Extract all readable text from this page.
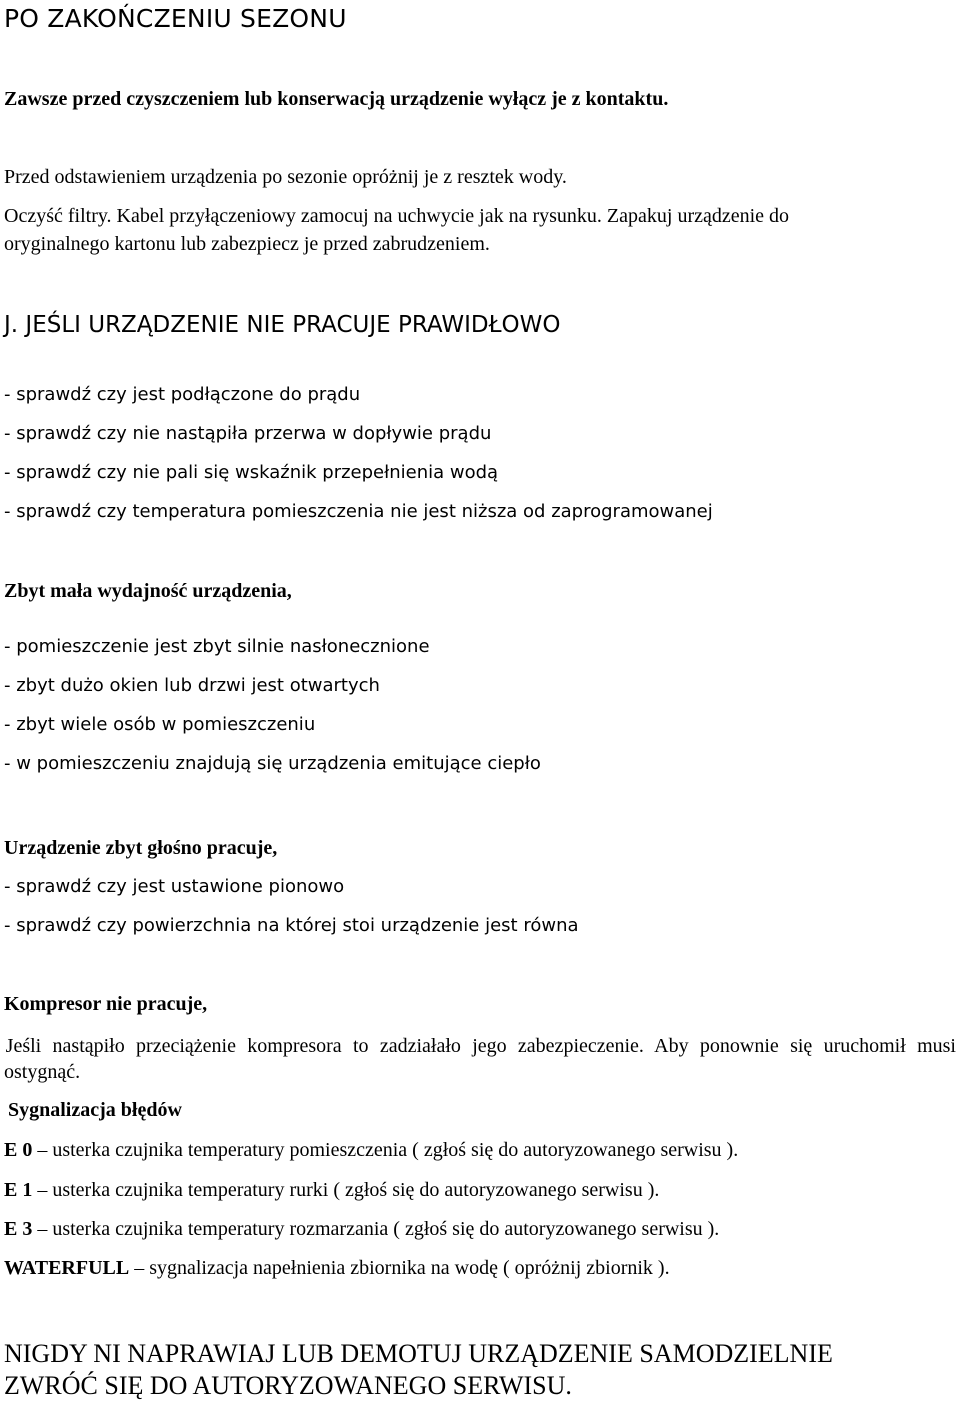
PO ZAKOŃCZENIU SEZONU

Zawsze przed czyszczeniem lub konserwacją urządzenie wyłącz je z kontaktu.

Przed odstawieniem urządzenia po sezonie opróżnij je z resztek wody.

Oczyść filtry. Kabel przyłączeniowy zamocuj na uchwycie jak na rysunku. Zapakuj urządzenie do

oryginalnego kartonu lub zabezpiecz je przed zabrudzeniem.

J. JEŚLI URZĄDZENIE NIE PRACUJE PRAWIDŁOWO

- sprawdź czy jest podłączone do prądu

- sprawdź czy nie nastąpiła przerwa w dopływie prądu

- sprawdź czy nie pali się wskaźnik przepełnienia wodą

- sprawdź czy temperatura pomieszczenia nie jest niższa od zaprogramowanej

Zbyt mała wydajność urządzenia,

- pomieszczenie jest zbyt silnie nasłonecznione

- zbyt dużo okien lub drzwi jest otwartych

- zbyt wiele osób w pomieszczeniu

- w pomieszczeniu znajdują się urządzenia emitujące ciepło

Urządzenie zbyt głośno pracuje,

- sprawdź czy jest ustawione pionowo

- sprawdź czy powierzchnia na której stoi urządzenie jest równa

Kompresor nie pracuje,

 Jeśli nastąpiło przeciążenie kompresora to zadziałało jego zabezpieczenie. Aby ponownie się uruchomił musi ostygnąć.

Sygnalizacja błędów

E 0 – usterka czujnika temperatury pomieszczenia ( zgłoś się do autoryzowanego serwisu ).

E 1 – usterka czujnika temperatury rurki ( zgłoś się do autoryzowanego serwisu ).

E 3 – usterka czujnika temperatury rozmarzania ( zgłoś się do autoryzowanego serwisu ).

WATERFULL – sygnalizacja napełnienia zbiornika na wodę ( opróżnij zbiornik ).

NIGDY NI NAPRAWIAJ LUB DEMOTUJ URZĄDZENIE SAMODZIELNIE

ZWRÓĆ SIĘ DO AUTORYZOWANEGO SERWISU.
